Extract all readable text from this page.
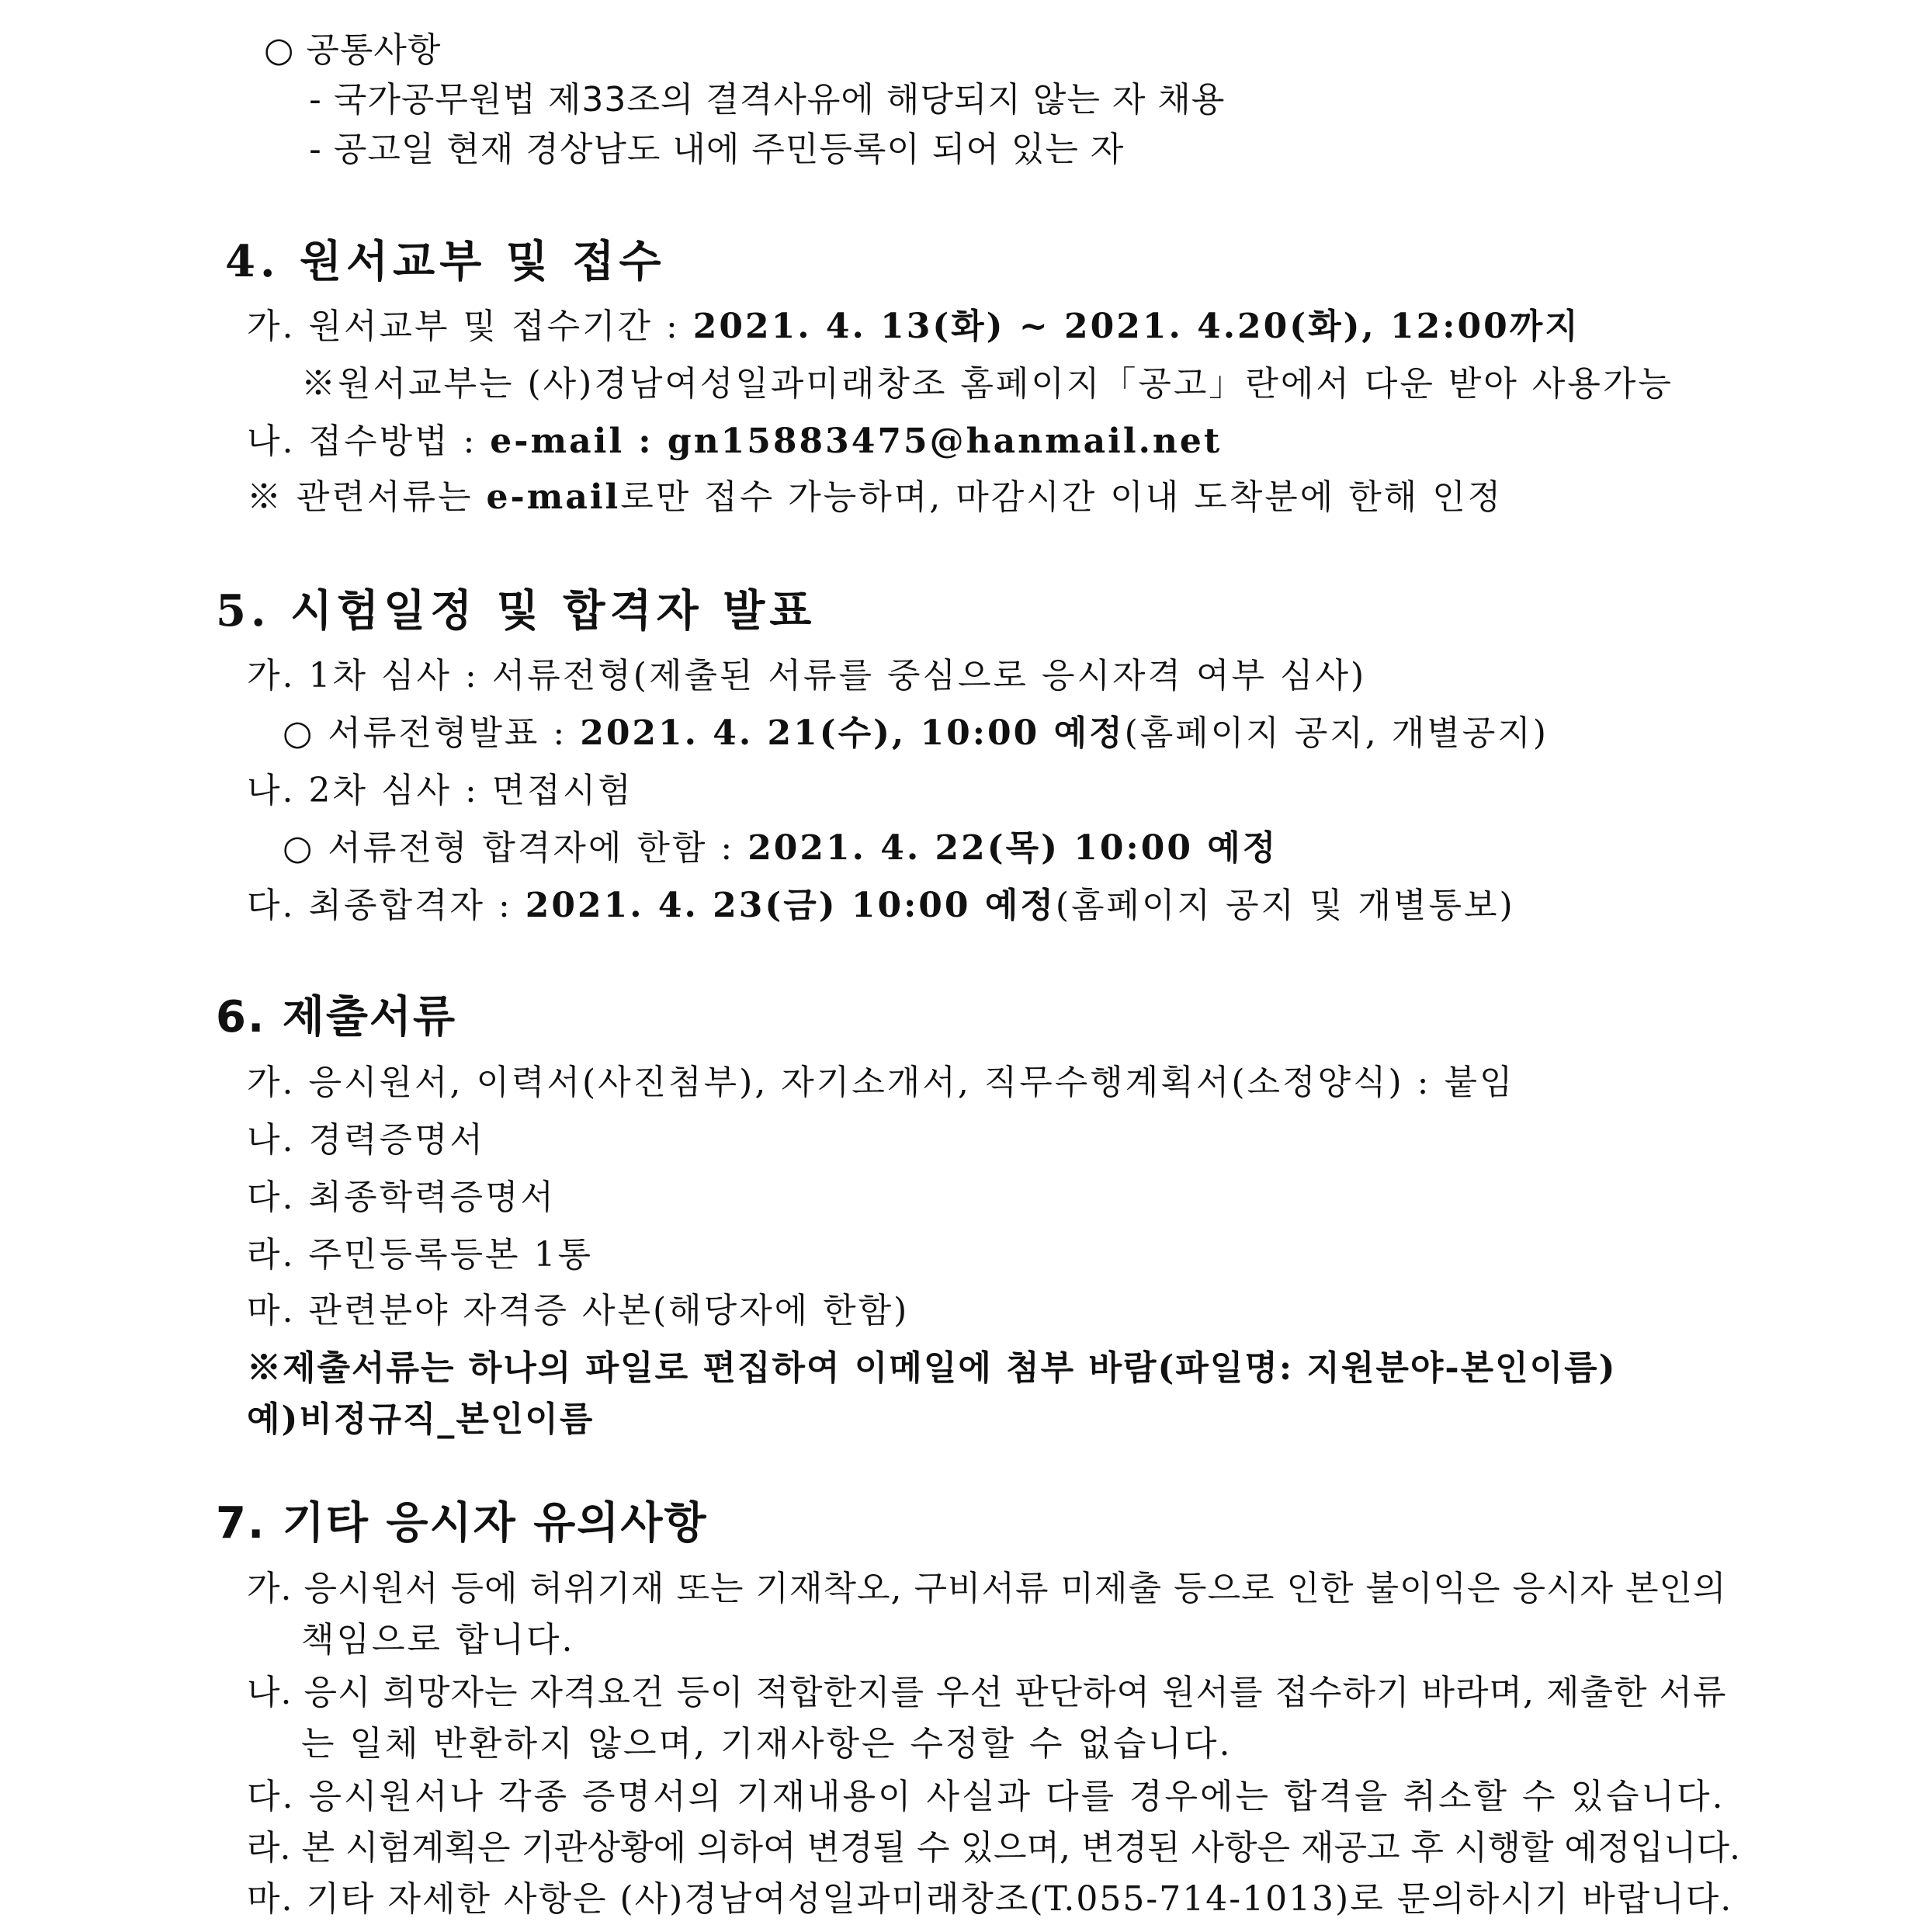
○ 공통사항
- 국가공무원법 제33조의 결격사유에 해당되지 않는 자 채용
- 공고일 현재 경상남도 내에 주민등록이 되어 있는 자
4. 원서교부 및 접수
가. 원서교부 및 접수기간 : 2021. 4. 13(화) ~ 2021. 4.20(화), 12:00까지
※원서교부는 (사)경남여성일과미래창조 홈페이지「공고」란에서 다운 받아 사용가능
나. 접수방법 : e-mail : gn15883475@hanmail.net
※ 관련서류는 e-mail로만 접수 가능하며, 마감시간 이내 도착분에 한해 인정
5. 시험일정 및 합격자 발표
가. 1차 심사 : 서류전형(제출된 서류를 중심으로 응시자격 여부 심사)
○ 서류전형발표 : 2021. 4. 21(수), 10:00 예정(홈페이지 공지, 개별공지)
나. 2차 심사 : 면접시험
○ 서류전형 합격자에 한함 : 2021. 4. 22(목) 10:00 예정
다. 최종합격자 : 2021. 4. 23(금) 10:00 예정(홈페이지 공지 및 개별통보)
6. 제출서류
가. 응시원서, 이력서(사진첨부), 자기소개서, 직무수행계획서(소정양식) : 붙임
나. 경력증명서
다. 최종학력증명서
라. 주민등록등본 1통
마. 관련분야 자격증 사본(해당자에 한함)
※제출서류는 하나의 파일로 편집하여 이메일에 첨부 바람(파일명: 지원분야-본인이름)
예)비정규직_본인이름
7. 기타 응시자 유의사항
가. 응시원서 등에 허위기재 또는 기재착오, 구비서류 미제출 등으로 인한 불이익은 응시자 본인의
책임으로 합니다.
나. 응시 희망자는 자격요건 등이 적합한지를 우선 판단하여 원서를 접수하기 바라며, 제출한 서류
는 일체 반환하지 않으며, 기재사항은 수정할 수 없습니다.
다. 응시원서나 각종 증명서의 기재내용이 사실과 다를 경우에는 합격을 취소할 수 있습니다.
라. 본 시험계획은 기관상황에 의하여 변경될 수 있으며, 변경된 사항은 재공고 후 시행할 예정입니다.
마. 기타 자세한 사항은 (사)경남여성일과미래창조(T.055-714-1013)로 문의하시기 바랍니다.
